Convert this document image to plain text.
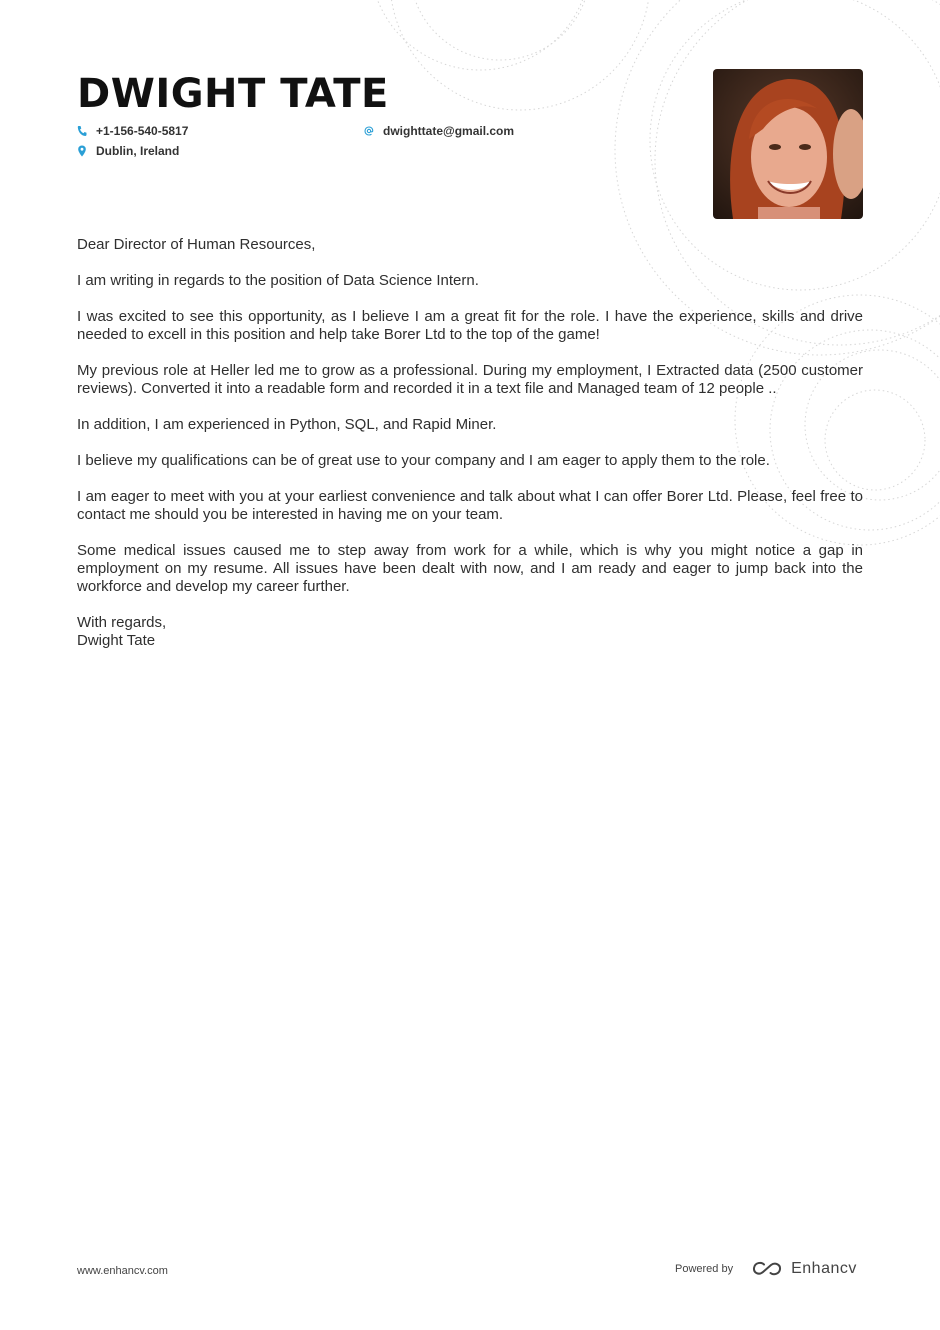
DWIGHT TATE
+1-156-540-5817	dwighttate@gmail.com
Dublin, Ireland

Dear Director of Human Resources,

I am writing in regards to the position of Data Science Intern.

I was excited to see this opportunity, as I believe I am a great fit for the role. I have the experience, skills and drive needed to excell in this position and help take Borer Ltd to the top of the game!

My previous role at Heller led me to grow as a professional. During my employment, I Extracted data (2500 customer reviews). Converted it into a readable form and recorded it in a text file and Managed team of 12 people ..

In addition, I am experienced in Python, SQL, and Rapid Miner.

I believe my qualifications can be of great use to your company and I am eager to apply them to the role.

I am eager to meet with you at your earliest convenience and talk about what I can offer Borer Ltd. Please, feel free to contact me should you be interested in having me on your team.

Some medical issues caused me to step away from work for a while, which is why you might notice a gap in employment on my resume. All issues have been dealt with now, and I am ready and eager to jump back into the workforce and develop my career further.

With regards,

Dwight Tate

www.enhancv.com	Powered by	Enhancv
